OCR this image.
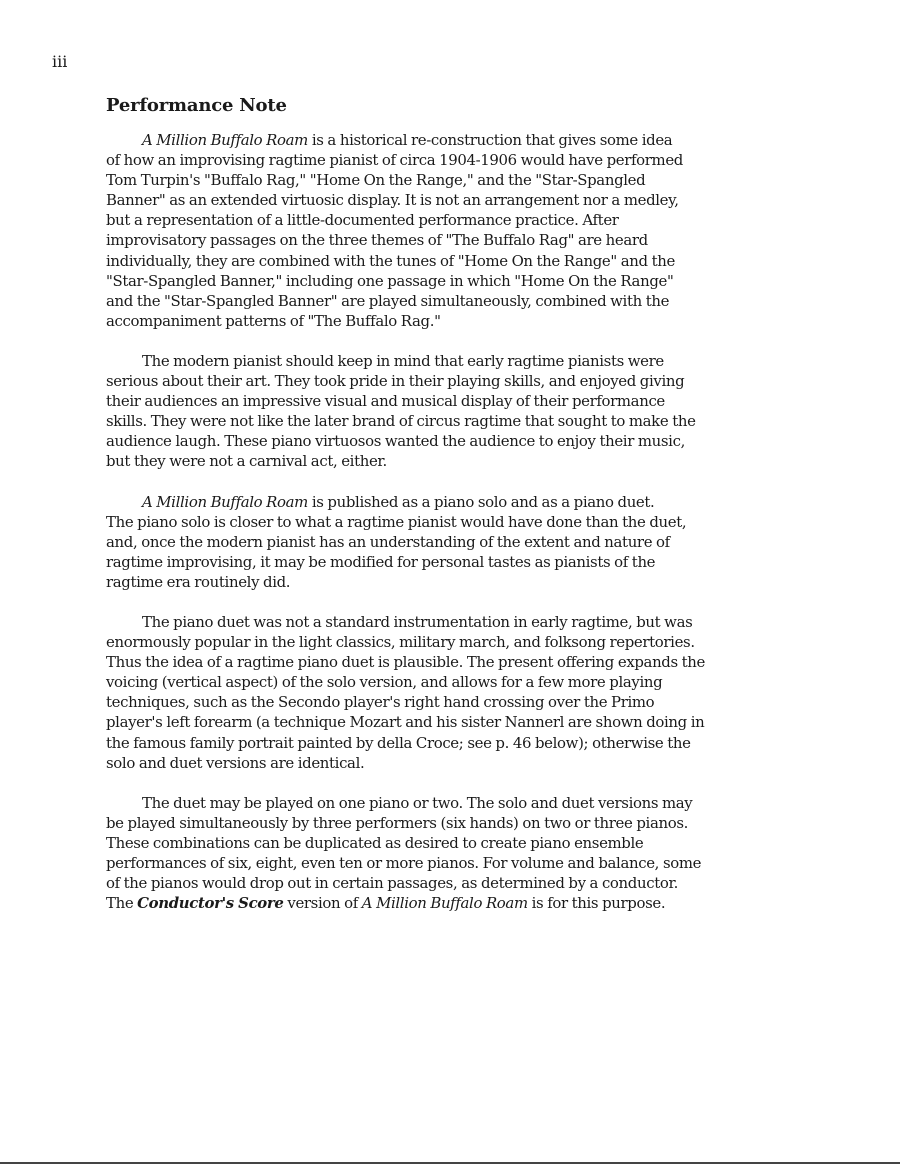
iii
Performance Note

A Million Buffalo Roam is a historical re-construction that gives some idea
of how an improvising ragtime pianist of circa 1904-1906 would have performed
Tom Turpin's "Buffalo Rag," "Home On the Range," and the "Star-Spangled
Banner" as an extended virtuosic display. It is not an arrangement nor a medley,
but a representation of a little-documented performance practice. After
improvisatory passages on the three themes of "The Buffalo Rag" are heard
individually, they are combined with the tunes of "Home On the Range" and the
"Star-Spangled Banner," including one passage in which "Home On the Range"
and the "Star-Spangled Banner" are played simultaneously, combined with the
accompaniment patterns of "The Buffalo Rag."

The modern pianist should keep in mind that early ragtime pianists were
serious about their art. They took pride in their playing skills, and enjoyed giving
their audiences an impressive visual and musical display of their performance
skills. They were not like the later brand of circus ragtime that sought to make the
audience laugh. These piano virtuosos wanted the audience to enjoy their music,
but they were not a carnival act, either.

A Million Buffalo Roam is published as a piano solo and as a piano duet.
The piano solo is closer to what a ragtime pianist would have done than the duet,
and, once the modern pianist has an understanding of the extent and nature of
ragtime improvising, it may be modified for personal tastes as pianists of the
ragtime era routinely did.

The piano duet was not a standard instrumentation in early ragtime, but was
enormously popular in the light classics, military march, and folksong repertories.
Thus the idea of a ragtime piano duet is plausible. The present offering expands the
voicing (vertical aspect) of the solo version, and allows for a few more playing
techniques, such as the Secondo player's right hand crossing over the Primo
player's left forearm (a technique Mozart and his sister Nannerl are shown doing in
the famous family portrait painted by della Croce; see p. 46 below); otherwise the
solo and duet versions are identical.

The duet may be played on one piano or two. The solo and duet versions may
be played simultaneously by three performers (six hands) on two or three pianos.
These combinations can be duplicated as desired to create piano ensemble
performances of six, eight, even ten or more pianos. For volume and balance, some
of the pianos would drop out in certain passages, as determined by a conductor.
The Conductor's Score version of A Million Buffalo Roam is for this purpose.
